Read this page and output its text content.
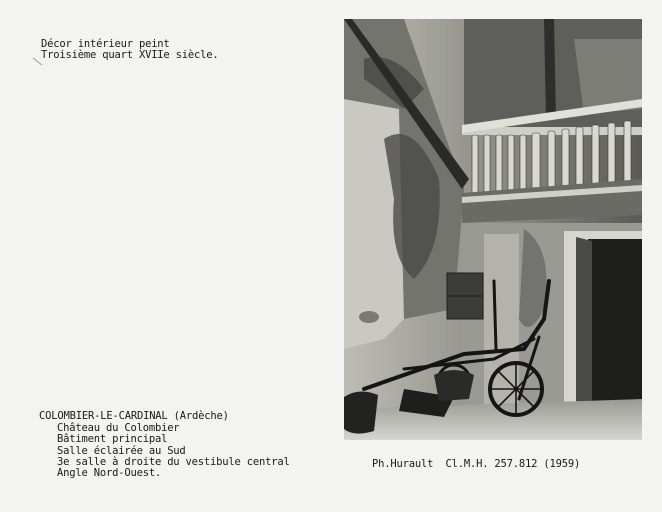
Décor intérieur peint
Troisième quart XVIIe siècle.
COLOMBIER-LE-CARDINAL (Ardèche)
Château du Colombier
Bâtiment principal
Salle éclairée au Sud
3e salle à droite du vestibule central
Angle Nord-Ouest.
Ph.Hurault  Cl.M.H. 257.812 (1959)
